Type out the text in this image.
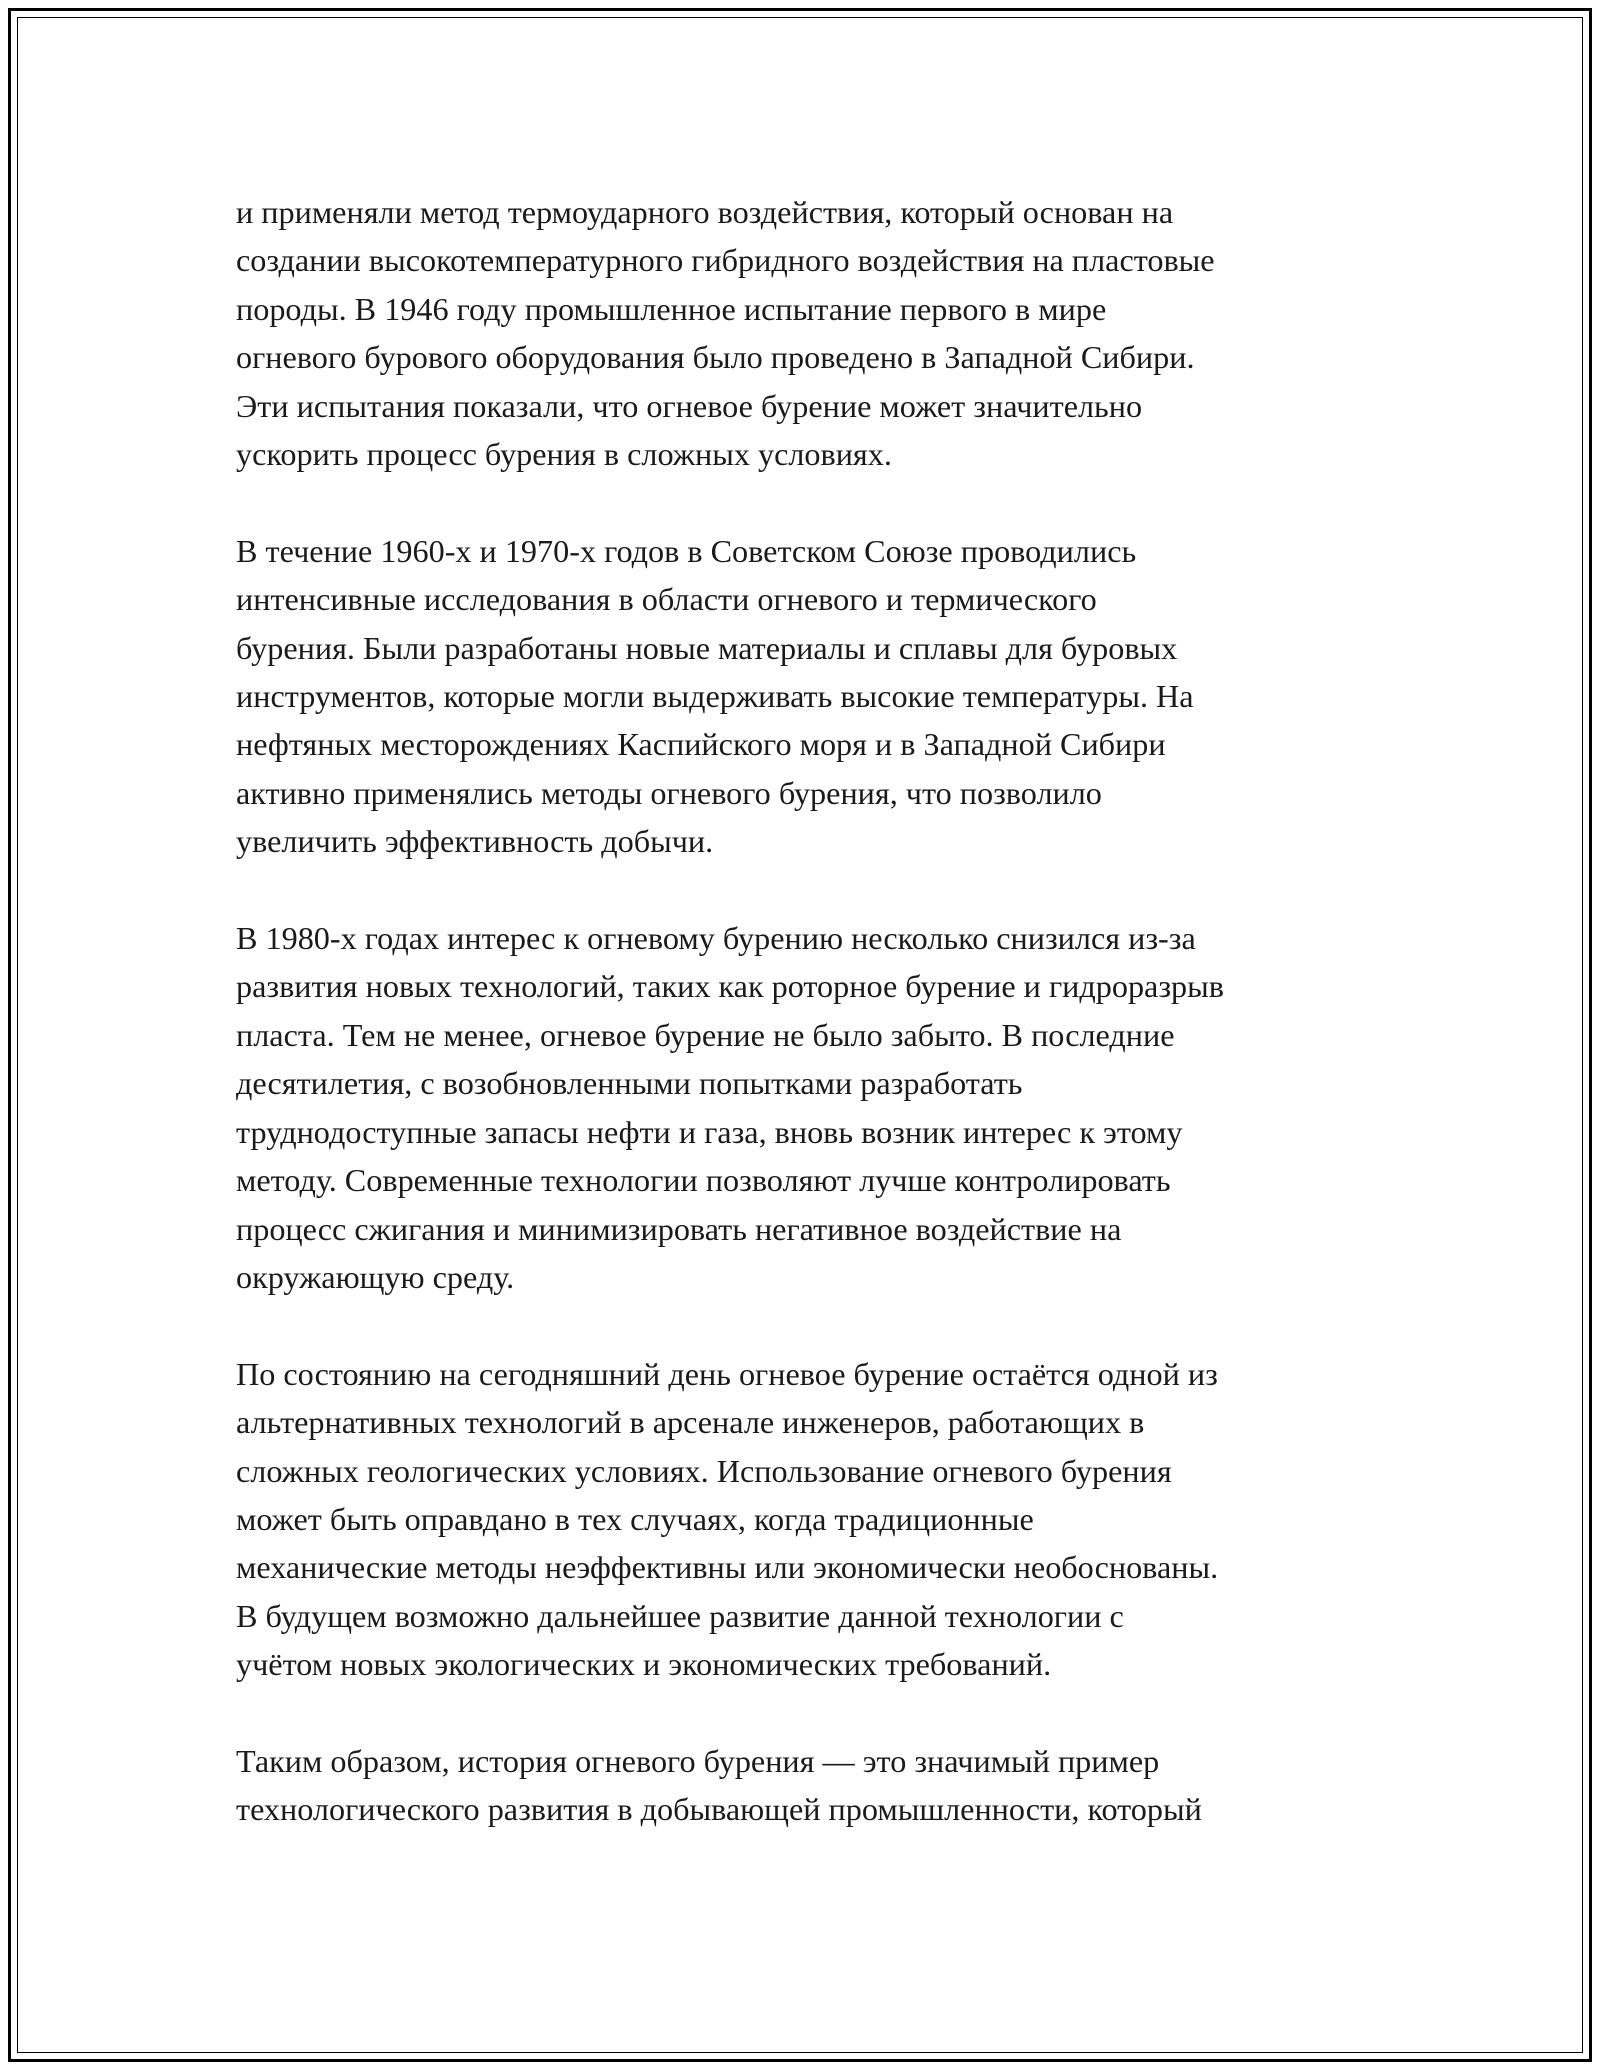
и применяли метод термоударного воздействия, который основан на
создании высокотемпературного гибридного воздействия на пластовые
породы. В 1946 году промышленное испытание первого в мире
огневого бурового оборудования было проведено в Западной Сибири.
Эти испытания показали, что огневое бурение может значительно
ускорить процесс бурения в сложных условиях.

В течение 1960-х и 1970-х годов в Советском Союзе проводились
интенсивные исследования в области огневого и термического
бурения. Были разработаны новые материалы и сплавы для буровых
инструментов, которые могли выдерживать высокие температуры. На
нефтяных месторождениях Каспийского моря и в Западной Сибири
активно применялись методы огневого бурения, что позволило
увеличить эффективность добычи.

В 1980-х годах интерес к огневому бурению несколько снизился из-за
развития новых технологий, таких как роторное бурение и гидроразрыв
пласта. Тем не менее, огневое бурение не было забыто. В последние
десятилетия, с возобновленными попытками разработать
труднодоступные запасы нефти и газа, вновь возник интерес к этому
методу. Современные технологии позволяют лучше контролировать
процесс сжигания и минимизировать негативное воздействие на
окружающую среду.

По состоянию на сегодняшний день огневое бурение остаётся одной из
альтернативных технологий в арсенале инженеров, работающих в
сложных геологических условиях. Использование огневого бурения
может быть оправдано в тех случаях, когда традиционные
механические методы неэффективны или экономически необоснованы.
В будущем возможно дальнейшее развитие данной технологии с
учётом новых экологических и экономических требований.

Таким образом, история огневого бурения — это значимый пример
технологического развития в добывающей промышленности, который
